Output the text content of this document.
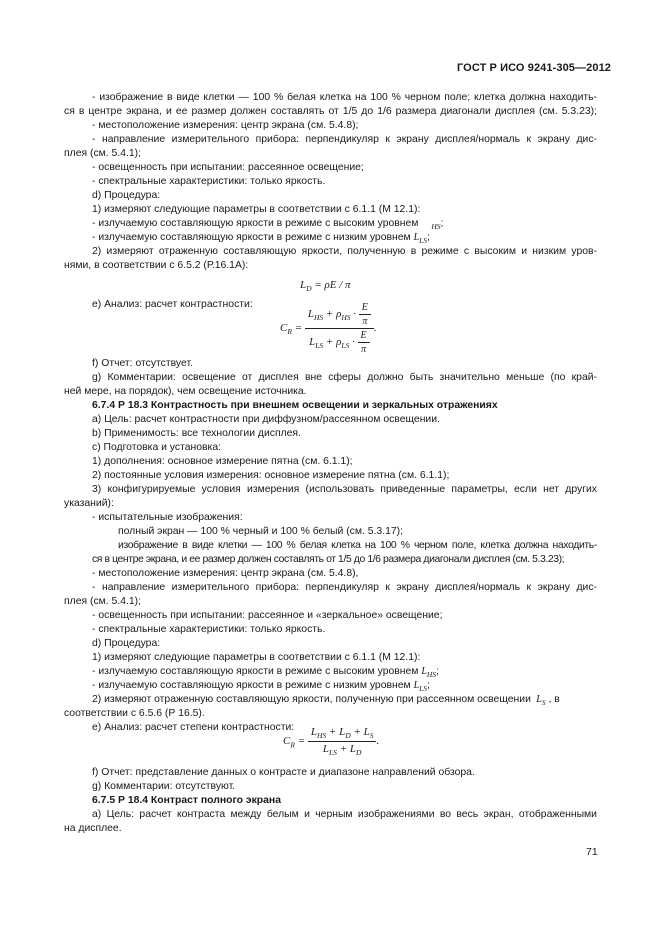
ГОСТ Р ИСО 9241-305—2012
- изображение в виде клетки — 100 % белая клетка на 100 % черном поле; клетка должна находить-
ся в центре экрана, и ее размер должен составлять от 1/5 до 1/6 размера диагонали дисплея (см. 5.3.23);
- местоположение измерения: центр экрана (см. 5.4.8);
- направление измерительного прибора: перпендикуляр к экрану дисплея/нормаль к экрану дис-
плея (см. 5.4.1);
- освещенность при испытании: рассеянное освещение;
- спектральные характеристики: только яркость.
d) Процедура:
1) измеряют следующие параметры в соответствии с 6.1.1 (М 12.1):
- излучаемую составляющую яркости в режиме с высоким уровнем $_{HS}$;
- излучаемую составляющую яркости в режиме с низким уровнем $L_{LS}$;
2) измеряют отраженную составляющую яркости, полученную в режиме с высоким и низким уров-
нями, в соответствии с 6.5.2 (Р.16.1А):
$L_D = \rho E / \pi$
e) Анализ: расчет контрастности:
$C_R = \frac{L_{HS} + \rho_{HS} \cdot \frac{E}{\pi}}{L_{LS} + \rho_{LS} \cdot \frac{E}{\pi}}$ .
f) Отчет: отсутствует.
g) Комментарии: освещение от дисплея вне сферы должно быть значительно меньше (по край-
ней мере, на порядок), чем освещение источника.
6.7.4 Р 18.3 Контрастность при внешнем освещении и зеркальных отражениях
a) Цель: расчет контрастности при диффузном/рассеянном освещении.
b) Применимость: все технологии дисплея.
c) Подготовка и установка:
1) дополнения: основное измерение пятна (см. 6.1.1);
2) постоянные условия измерения: основное измерение пятна (см. 6.1.1);
3) конфигурируемые условия измерения (использовать приведенные параметры, если нет других
указаний):
- испытательные изображения:
полный экран — 100 % черный и 100 % белый (см. 5.3.17);
изображение в виде клетки — 100 % белая клетка на 100 % черном поле, клетка должна находить-
ся в центре экрана, и ее размер должен составлять от 1/5 до 1/6 размера диагонали дисплея (см. 5.3.23);
- местоположение измерения: центр экрана (см. 5.4.8),
- направление измерительного прибора: перпендикуляр к экрану дисплея/нормаль к экрану дис-
плея (см. 5.4.1);
- освещенность при испытании: рассеянное и «зеркальное» освещение;
- спектральные характеристики: только яркость.
d) Процедура:
1) измеряют следующие параметры в соответствии с 6.1.1 (М 12.1):
- излучаемую составляющую яркости в режиме с высоким уровнем $L_{HS}$;
- излучаемую составляющую яркости в режиме с низким уровнем $L_{LS}$;
2) измеряют отраженную составляющую яркости, полученную при рассеянном освещении  $L_S$ , в
соответствии с 6.5.6 (Р 16.5).
e) Анализ: расчет степени контрастности:
$C_R = \frac{L_{HS} + L_D + L_S}{L_{LS} + L_D}$ .
f) Отчет: представление данных о контрасте и диапазоне направлений обзора.
g) Комментарии: отсутствуют.
6.7.5 Р 18.4 Контраст полного экрана
a) Цель: расчет контраста между белым и черным изображениями во весь экран, отображенными
на дисплее.
71
